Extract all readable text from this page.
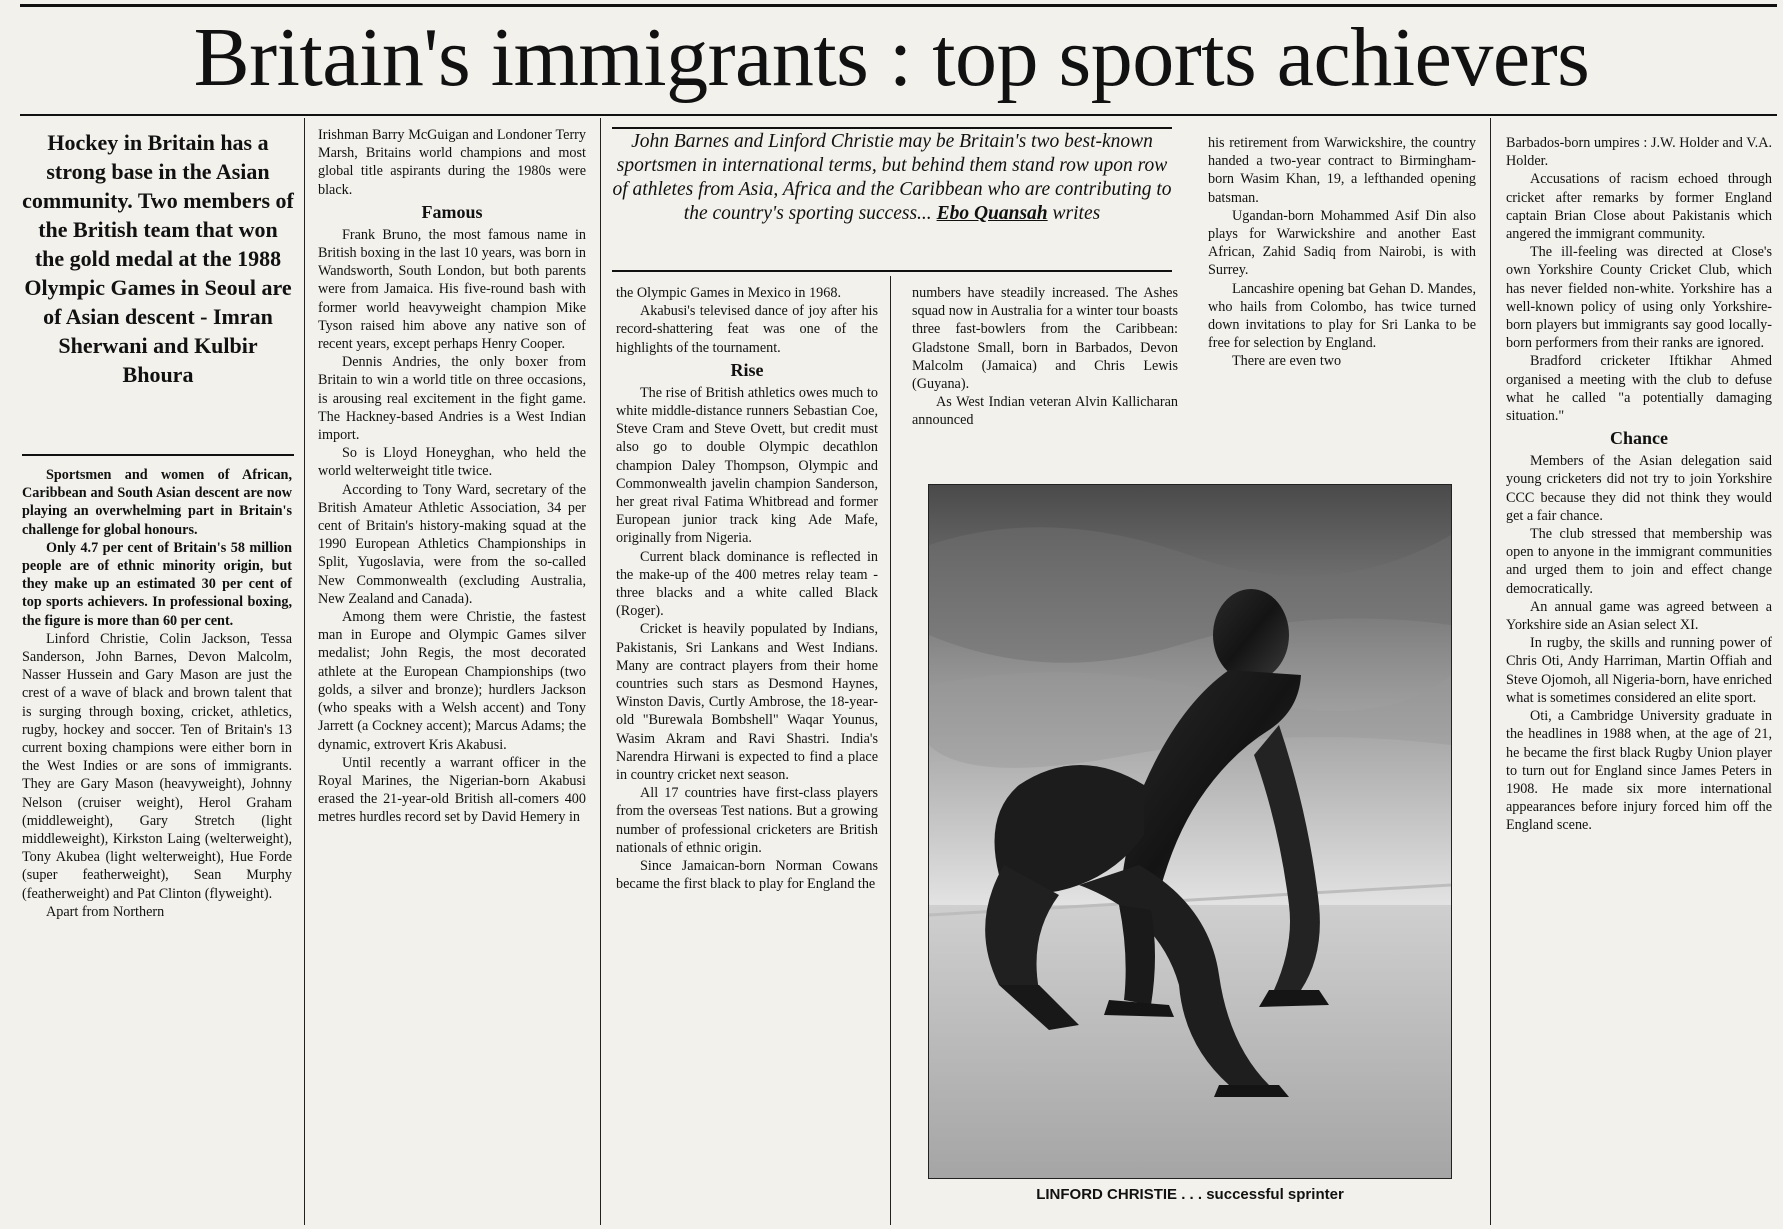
Britain's immigrants : top sports achievers
Hockey in Britain has a strong base in the Asian community. Two members of the British team that won the gold medal at the 1988 Olympic Games in Seoul are of Asian descent - Imran Sherwani and Kulbir Bhoura

Sportsmen and women of African, Caribbean and South Asian descent are now playing an overwhelming part in Britain's challenge for global honours.

Only 4.7 per cent of Britain's 58 million people are of ethnic minority origin, but they make up an estimated 30 per cent of top sports achievers. In professional boxing, the figure is more than 60 per cent.

Linford Christie, Colin Jackson, Tessa Sanderson, John Barnes, Devon Malcolm, Nasser Hussein and Gary Mason are just the crest of a wave of black and brown talent that is surging through boxing, cricket, athletics, rugby, hockey and soccer. Ten of Britain's 13 current boxing champions were either born in the West Indies or are sons of immigrants. They are Gary Mason (heavyweight), Johnny Nelson (cruiser weight), Herol Graham (middleweight), Gary Stretch (light middleweight), Kirkston Laing (welterweight), Tony Akubea (light welterweight), Hue Forde (super featherweight), Sean Murphy (featherweight) and Pat Clinton (flyweight).

Apart from Northern

Irishman Barry McGuigan and Londoner Terry Marsh, Britains world champions and most global title aspirants during the 1980s were black.

Famous

Frank Bruno, the most famous name in British boxing in the last 10 years, was born in Wandsworth, South London, but both parents were from Jamaica. His five-round bash with former world heavyweight champion Mike Tyson raised him above any native son of recent years, except perhaps Henry Cooper.

Dennis Andries, the only boxer from Britain to win a world title on three occasions, is arousing real excitement in the fight game. The Hackney-based Andries is a West Indian import.

So is Lloyd Honeyghan, who held the world welterweight title twice.

According to Tony Ward, secretary of the British Amateur Athletic Association, 34 per cent of Britain's history-making squad at the 1990 European Athletics Championships in Split, Yugoslavia, were from the so-called New Commonwealth (excluding Australia, New Zealand and Canada).

Among them were Christie, the fastest man in Europe and Olympic Games silver medalist; John Regis, the most decorated athlete at the European Championships (two golds, a silver and bronze); hurdlers Jackson (who speaks with a Welsh accent) and Tony Jarrett (a Cockney accent); Marcus Adams; the dynamic, extrovert Kris Akabusi.

Until recently a warrant officer in the Royal Marines, the Nigerian-born Akabusi erased the 21-year-old British all-comers 400 metres hurdles record set by David Hemery in

John Barnes and Linford Christie may be Britain's two best-known sportsmen in international terms, but behind them stand row upon row of athletes from Asia, Africa and the Caribbean who are contributing to the country's sporting success... Ebo Quansah writes

the Olympic Games in Mexico in 1968.

Akabusi's televised dance of joy after his record-shattering feat was one of the highlights of the tournament.

Rise

The rise of British athletics owes much to white middle-distance runners Sebastian Coe, Steve Cram and Steve Ovett, but credit must also go to double Olympic decathlon champion Daley Thompson, Olympic and Commonwealth javelin champion Sanderson, her great rival Fatima Whitbread and former European junior track king Ade Mafe, originally from Nigeria.

Current black dominance is reflected in the make-up of the 400 metres relay team - three blacks and a white called Black (Roger).

Cricket is heavily populated by Indians, Pakistanis, Sri Lankans and West Indians. Many are contract players from their home countries such stars as Desmond Haynes, Winston Davis, Curtly Ambrose, the 18-year-old "Burewala Bombshell" Waqar Younus, Wasim Akram and Ravi Shastri. India's Narendra Hirwani is expected to find a place in country cricket next season.

All 17 countries have first-class players from the overseas Test nations. But a growing number of professional cricketers are British nationals of ethnic origin.

Since Jamaican-born Norman Cowans became the first black to play for England the

numbers have steadily increased. The Ashes squad now in Australia for a winter tour boasts three fast-bowlers from the Caribbean: Gladstone Small, born in Barbados, Devon Malcolm (Jamaica) and Chris Lewis (Guyana).

As West Indian veteran Alvin Kallicharan announced

his retirement from Warwickshire, the country handed a two-year contract to Birmingham-born Wasim Khan, 19, a lefthanded opening batsman.

Ugandan-born Mohammed Asif Din also plays for Warwickshire and another East African, Zahid Sadiq from Nairobi, is with Surrey.

Lancashire opening bat Gehan D. Mandes, who hails from Colombo, has twice turned down invitations to play for Sri Lanka to be free for selection by England.

There are even two

Barbados-born umpires : J.W. Holder and V.A. Holder.

Accusations of racism echoed through cricket after remarks by former England captain Brian Close about Pakistanis which angered the immigrant community.

The ill-feeling was directed at Close's own Yorkshire County Cricket Club, which has never fielded non-white. Yorkshire has a well-known policy of using only Yorkshire-born players but immigrants say good locally-born performers from their ranks are ignored.

Bradford cricketer Iftikhar Ahmed organised a meeting with the club to defuse what he called "a potentially damaging situation."

Chance

Members of the Asian delegation said young cricketers did not try to join Yorkshire CCC because they did not think they would get a fair chance.

The club stressed that membership was open to anyone in the immigrant communities and urged them to join and effect change democratically.

An annual game was agreed between a Yorkshire side an Asian select XI.

In rugby, the skills and running power of Chris Oti, Andy Harriman, Martin Offiah and Steve Ojomoh, all Nigeria-born, have enriched what is sometimes considered an elite sport.

Oti, a Cambridge University graduate in the headlines in 1988 when, at the age of 21, he became the first black Rugby Union player to turn out for England since James Peters in 1908. He made six more international appearances before injury forced him off the England scene.

LINFORD CHRISTIE . . . successful sprinter
